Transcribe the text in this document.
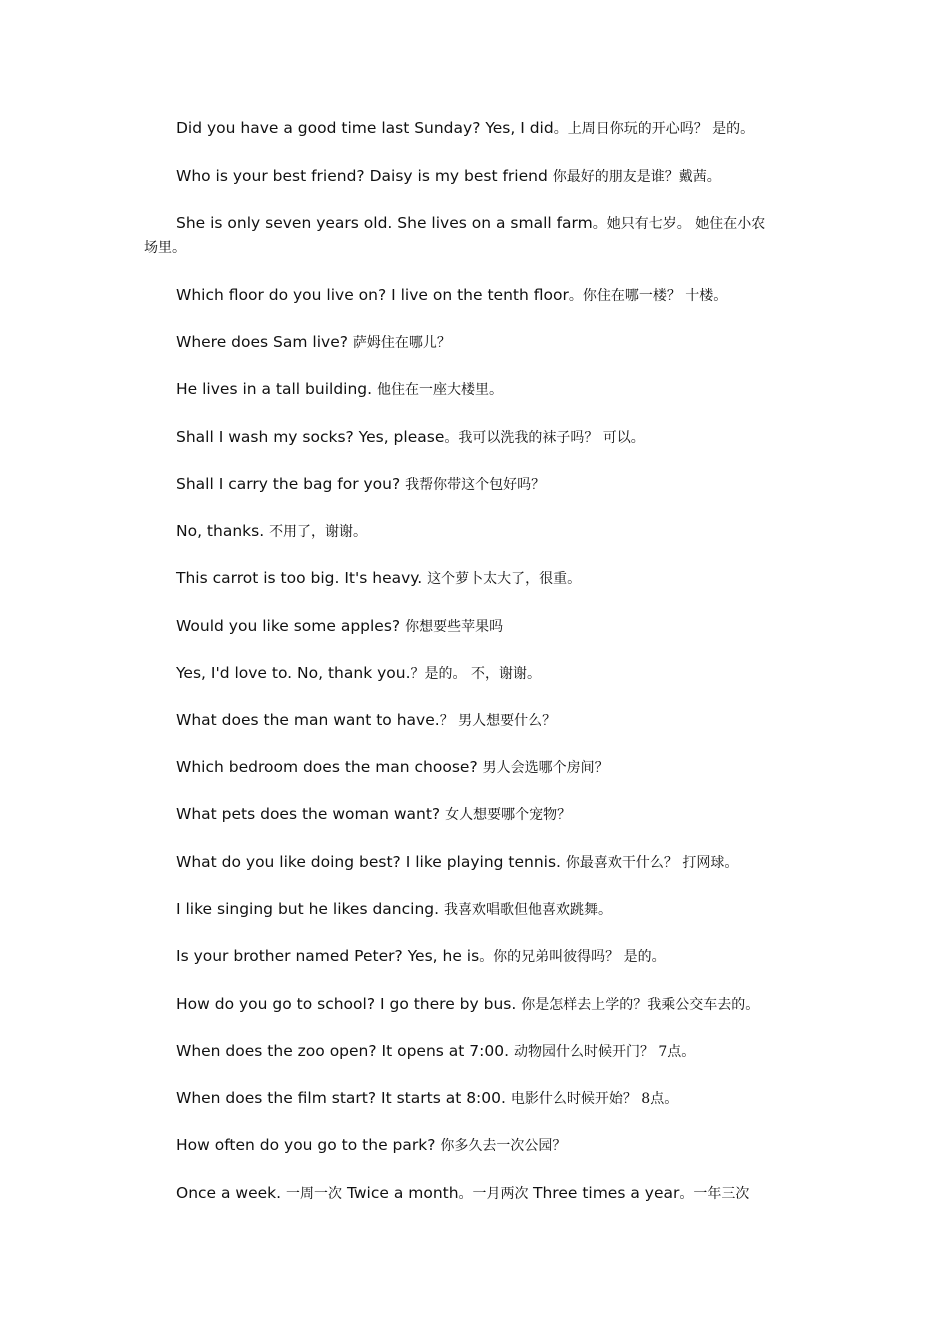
Did you have a good time last Sunday? Yes, I did。上周日你玩的开心吗？ 是的。
Who is your best friend? Daisy is my best friend 你最好的朋友是谁？戴茜。
She is only seven years old. She lives on a small farm。她只有七岁。 她住在小农
场里。
Which floor do you live on? I live on the tenth floor。你住在哪一楼？ 十楼。
Where does Sam live? 萨姆住在哪儿？
He lives in a tall building. 他住在一座大楼里。
Shall I wash my socks? Yes, please。我可以洗我的袜子吗？ 可以。
Shall I carry the bag for you? 我帮你带这个包好吗？
No, thanks. 不用了，谢谢。
This carrot is too big. It's heavy. 这个萝卜太大了，很重。
Would you like some apples? 你想要些苹果吗
Yes, I'd love to. No, thank you.？是的。 不，谢谢。
What does the man want to have.？ 男人想要什么？
Which bedroom does the man choose? 男人会选哪个房间？
What pets does the woman want? 女人想要哪个宠物？
What do you like doing best? I like playing tennis. 你最喜欢干什么？ 打网球。
I like singing but he likes dancing. 我喜欢唱歌但他喜欢跳舞。
Is your brother named Peter? Yes, he is。你的兄弟叫彼得吗？ 是的。
How do you go to school? I go there by bus. 你是怎样去上学的？我乘公交车去的。
When does the zoo open? It opens at 7:00. 动物园什么时候开门？ 7点。
When does the film start? It starts at 8:00. 电影什么时候开始？ 8点。
How often do you go to the park? 你多久去一次公园？
Once a week. 一周一次 Twice a month。一月两次 Three times a year。一年三次
